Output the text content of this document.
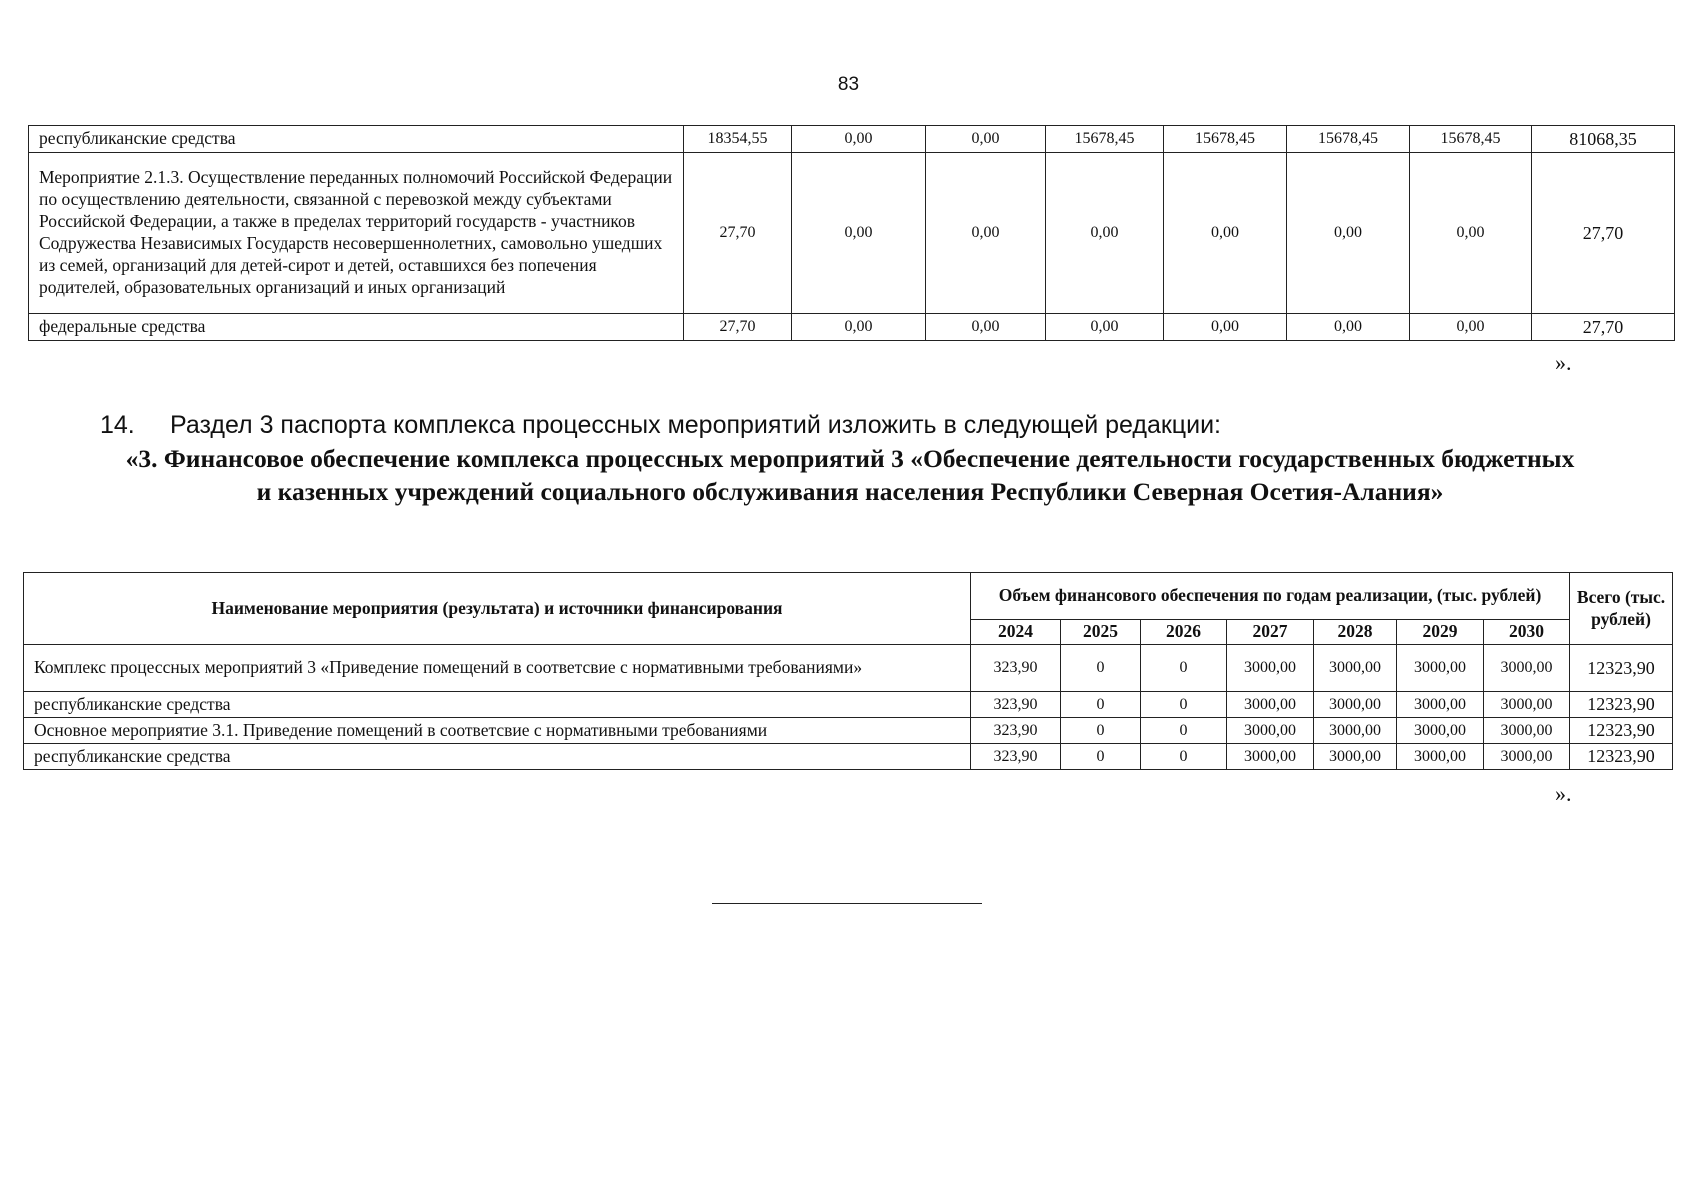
83
республиканские средства	18354,55	0,00	0,00	15678,45	15678,45	15678,45	15678,45	81068,35
Мероприятие 2.1.3. Осуществление переданных полномочий Российской Федерации по осуществлению деятельности, связанной с перевозкой между субъектами Российской Федерации, а также в пределах территорий государств - участников Содружества Независимых Государств несовершеннолетних, самовольно ушедших из семей, организаций для детей-сирот и детей, оставшихся без попечения родителей, образовательных организаций и иных организаций	27,70	0,00	0,00	0,00	0,00	0,00	0,00	27,70
федеральные средства	27,70	0,00	0,00	0,00	0,00	0,00	0,00	27,70
».
14. Раздел 3 паспорта комплекса процессных мероприятий изложить в следующей редакции:
«3. Финансовое обеспечение комплекса процессных мероприятий 3 «Обеспечение деятельности государственных бюджетных и казенных учреждений социального обслуживания населения Республики Северная Осетия-Алания»
Наименование мероприятия (результата) и источники финансирования	Объем финансового обеспечения по годам реализации, (тыс. рублей)							Всего (тыс. рублей)
	2024	2025	2026	2027	2028	2029	2030	
Комплекс процессных мероприятий 3 «Приведение помещений в соответсвие с нормативными требованиями»	323,90	0	0	3000,00	3000,00	3000,00	3000,00	12323,90
республиканские средства	323,90	0	0	3000,00	3000,00	3000,00	3000,00	12323,90
Основное мероприятие 3.1. Приведение помещений в соответсвие с нормативными требованиями	323,90	0	0	3000,00	3000,00	3000,00	3000,00	12323,90
республиканские средства	323,90	0	0	3000,00	3000,00	3000,00	3000,00	12323,90
».
